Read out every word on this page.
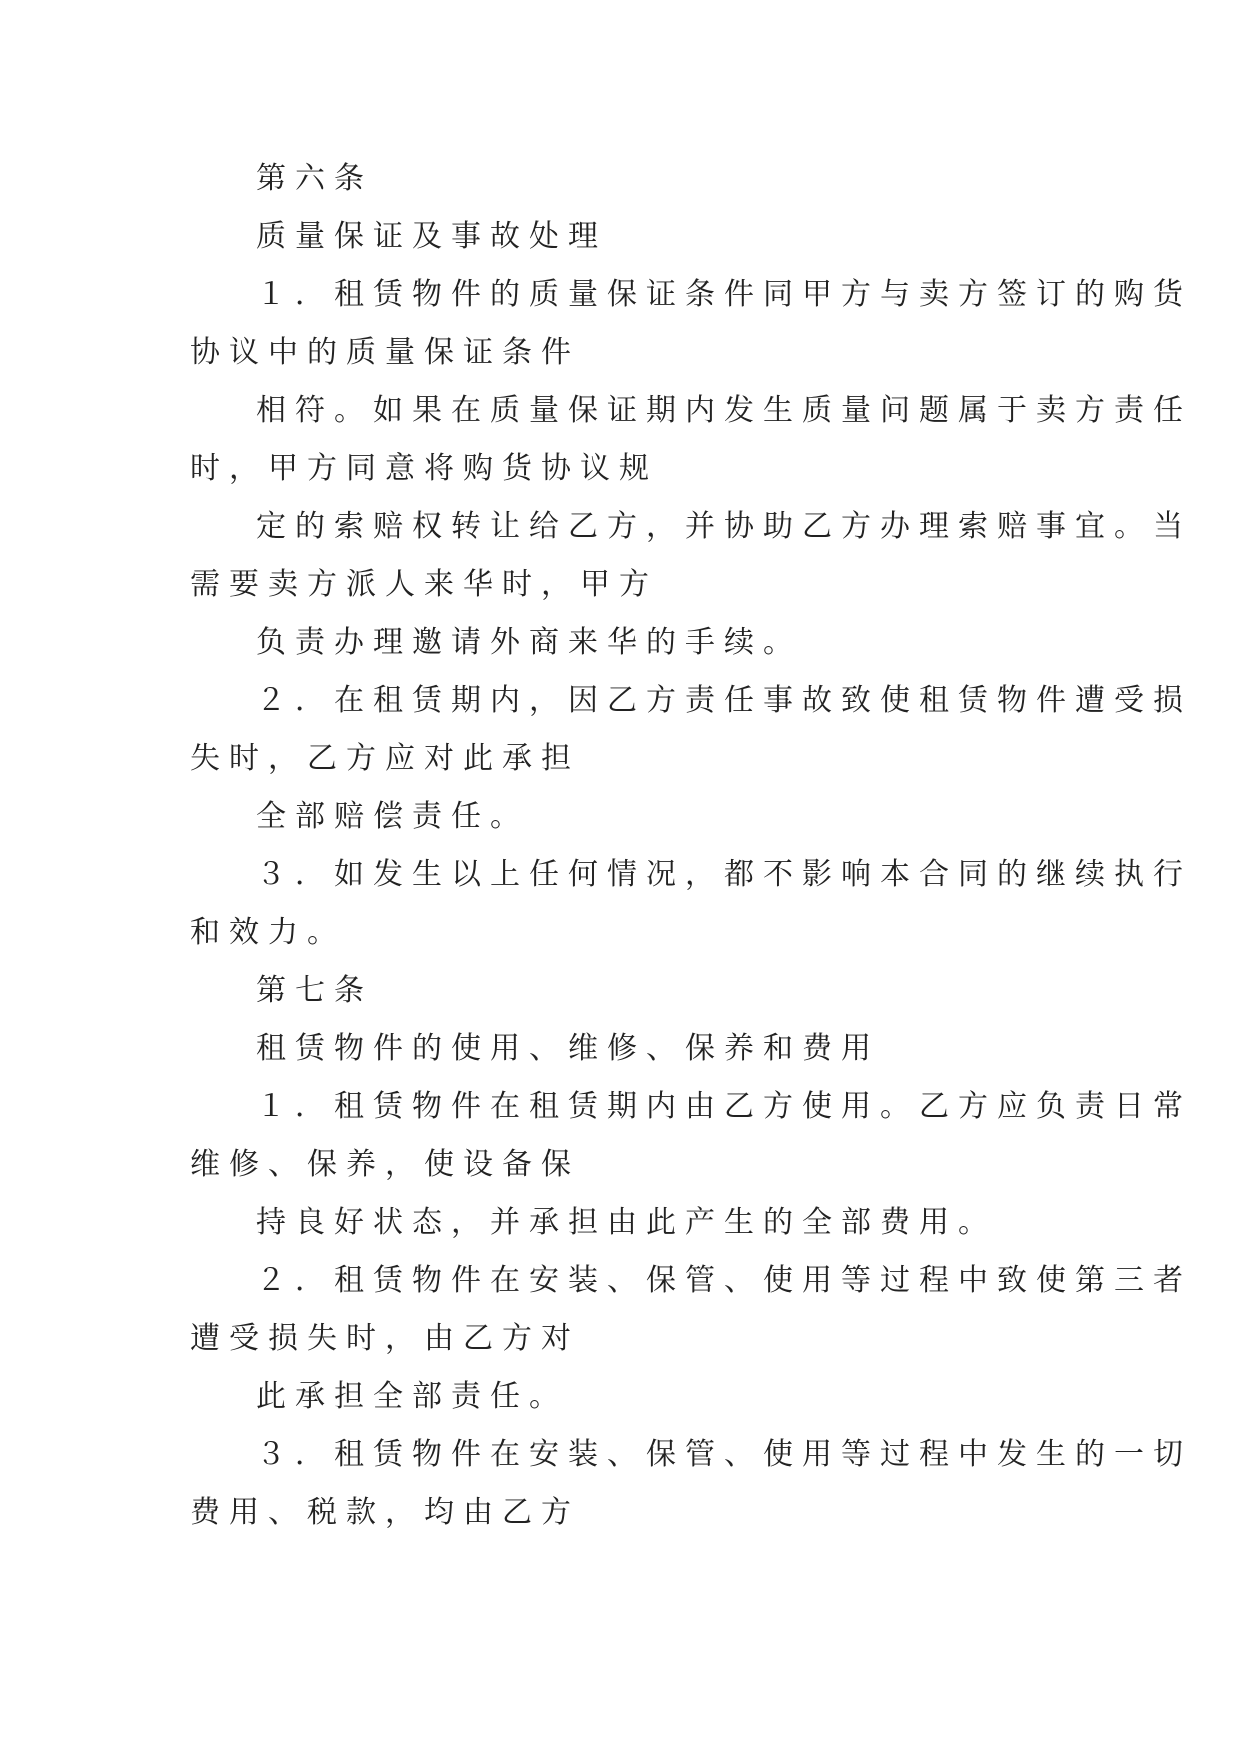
第六条
质量保证及事故处理
１．租赁物件的质量保证条件同甲方与卖方签订的购货
协议中的质量保证条件
相符。如果在质量保证期内发生质量问题属于卖方责任
时，甲方同意将购货协议规
定的索赔权转让给乙方，并协助乙方办理索赔事宜。当
需要卖方派人来华时，甲方
负责办理邀请外商来华的手续。
２．在租赁期内，因乙方责任事故致使租赁物件遭受损
失时，乙方应对此承担
全部赔偿责任。
３．如发生以上任何情况，都不影响本合同的继续执行
和效力。
第七条
租赁物件的使用、维修、保养和费用
１．租赁物件在租赁期内由乙方使用。乙方应负责日常
维修、保养，使设备保
持良好状态，并承担由此产生的全部费用。
２．租赁物件在安装、保管、使用等过程中致使第三者
遭受损失时，由乙方对
此承担全部责任。
３．租赁物件在安装、保管、使用等过程中发生的一切
费用、税款，均由乙方
